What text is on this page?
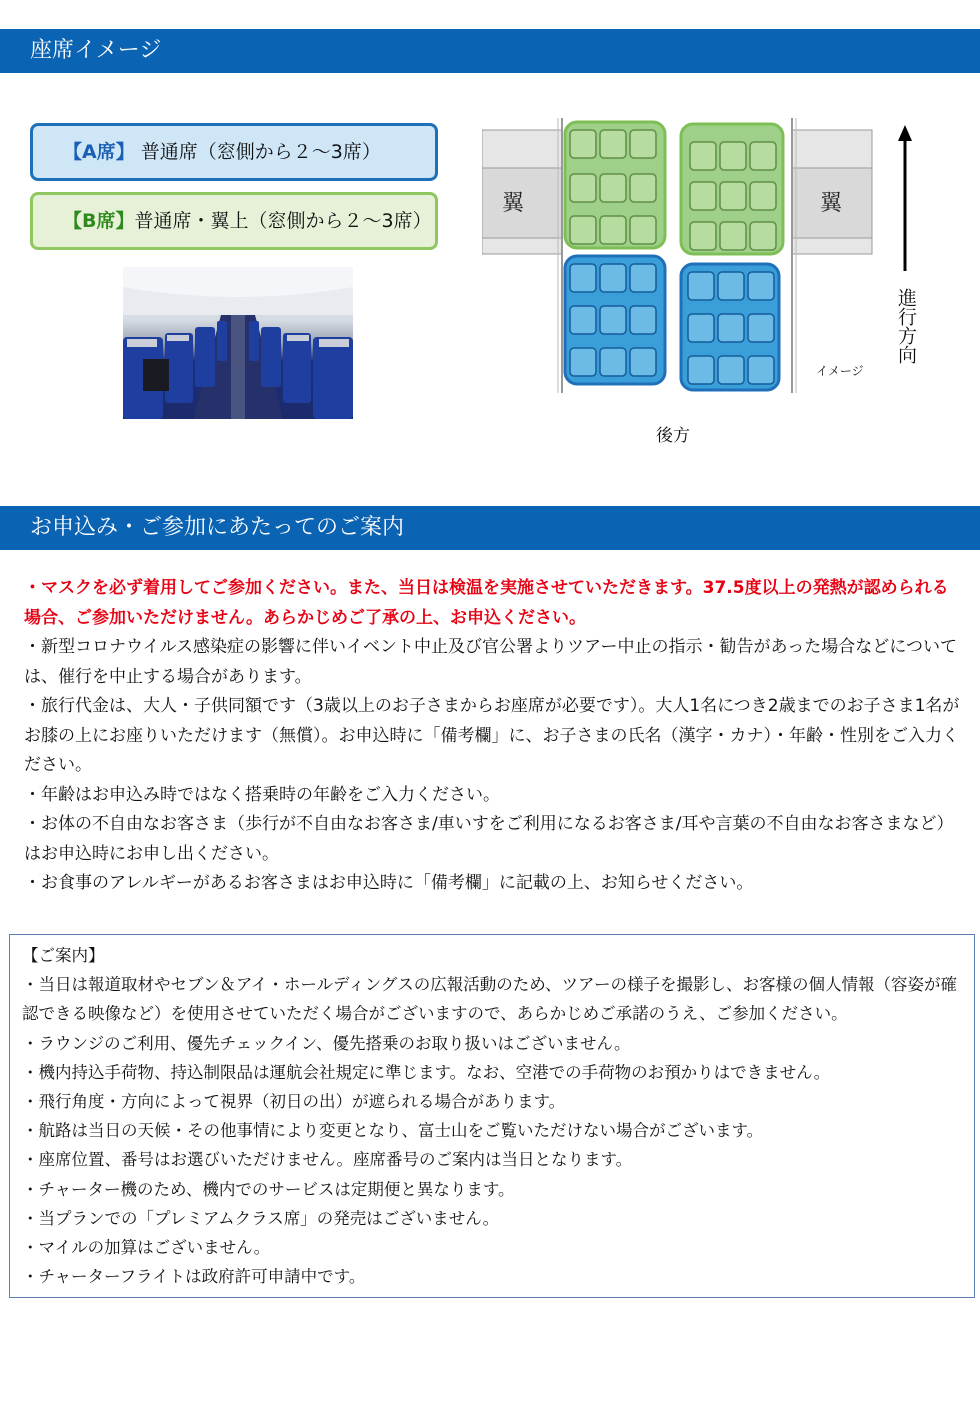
座席イメージ
【A席】 普通席（窓側から２～3席）
【B席】普通席・翼上（窓側から２～3席）
翼	翼
イメージ
後方
進行方向
お申込み・ご参加にあたってのご案内

・マスクを必ず着用してご参加ください。また、当日は検温を実施させていただきます。37.5度以上の発熱が認められる場合、ご参加いただけません。あらかじめご了承の上、お申込ください。

・新型コロナウイルス感染症の影響に伴いイベント中止及び官公署よりツアー中止の指示・勧告があった場合などについては、催行を中止する場合があります。

・旅行代金は、大人・子供同額です（3歳以上のお子さまからお座席が必要です）。大人1名につき2歳までのお子さま1名がお膝の上にお座りいただけます（無償）。お申込時に「備考欄」に、お子さまの氏名（漢字・カナ）・年齢・性別をご入力ください。

・年齢はお申込み時ではなく搭乗時の年齢をご入力ください。

・お体の不自由なお客さま（歩行が不自由なお客さま/車いすをご利用になるお客さま/耳や言葉の不自由なお客さまなど）はお申込時にお申し出ください。

・お食事のアレルギーがあるお客さまはお申込時に「備考欄」に記載の上、お知らせください。

【ご案内】

・当日は報道取材やセブン＆アイ・ホールディングスの広報活動のため、ツアーの様子を撮影し、お客様の個人情報（容姿が確認できる映像など）を使用させていただく場合がございますので、あらかじめご承諾のうえ、ご参加ください。

・ラウンジのご利用、優先チェックイン、優先搭乗のお取り扱いはございません。

・機内持込手荷物、持込制限品は運航会社規定に準じます。なお、空港での手荷物のお預かりはできません。

・飛行角度・方向によって視界（初日の出）が遮られる場合があります。

・航路は当日の天候・その他事情により変更となり、富士山をご覧いただけない場合がございます。

・座席位置、番号はお選びいただけません。座席番号のご案内は当日となります。

・チャーター機のため、機内でのサービスは定期便と異なります。

・当プランでの「プレミアムクラス席」の発売はございません。

・マイルの加算はございません。

・チャーターフライトは政府許可申請中です。
